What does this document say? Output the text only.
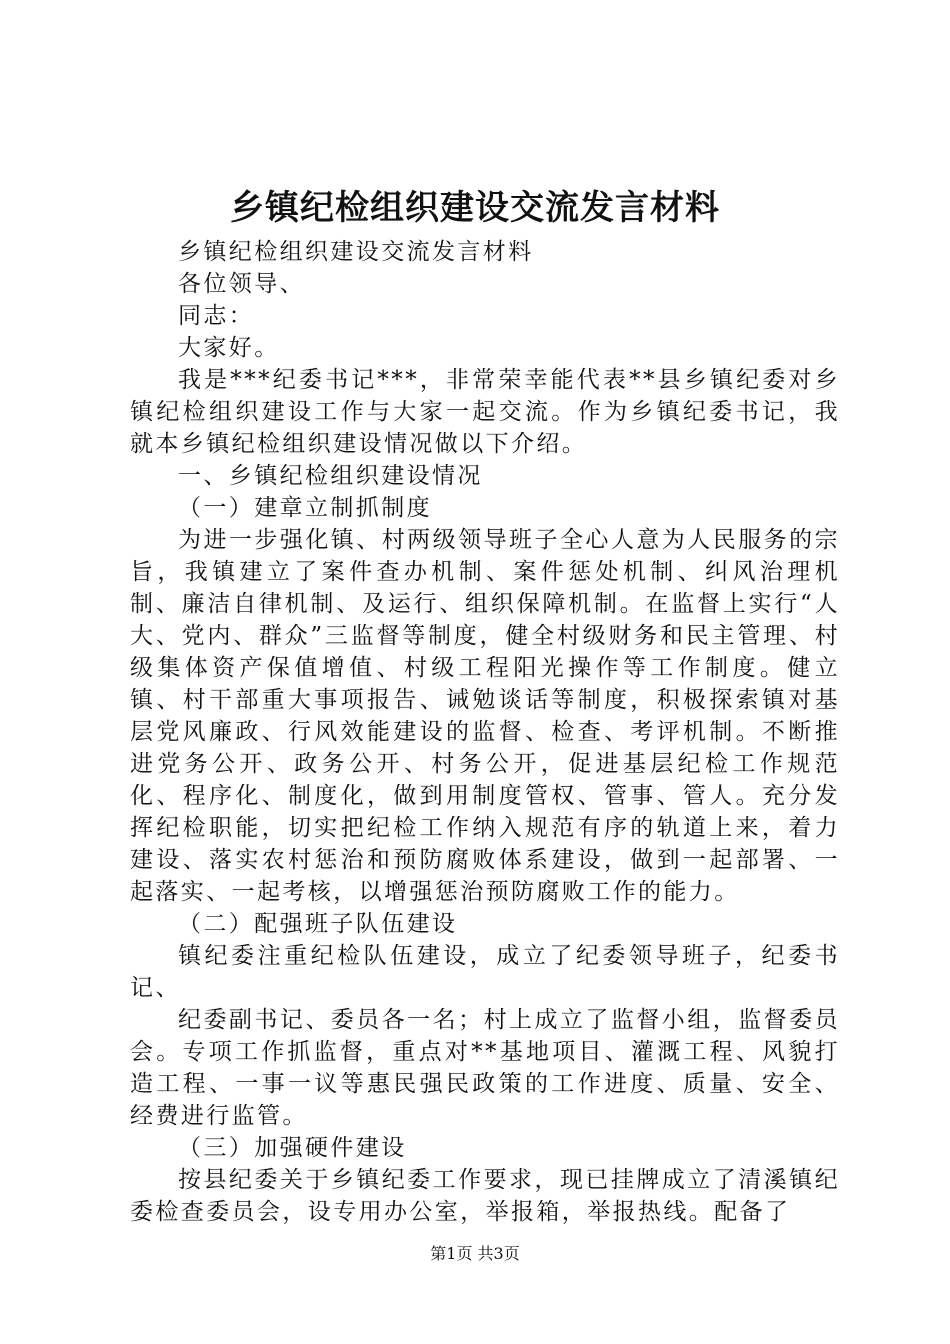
乡镇纪检组织建设交流发言材料

乡镇纪检组织建设交流发言材料

各位领导、

同志：

大家好。

我是***纪委书记***，非常荣幸能代表**县乡镇纪委对乡镇纪检组织建设工作与大家一起交流。作为乡镇纪委书记，我就本乡镇纪检组织建设情况做以下介绍。

一、乡镇纪检组织建设情况

（一）建章立制抓制度

为进一步强化镇、村两级领导班子全心人意为人民服务的宗旨，我镇建立了案件查办机制、案件惩处机制、纠风治理机制、廉洁自律机制、及运行、组织保障机制。在监督上实行“人大、党内、群众”三监督等制度，健全村级财务和民主管理、村级集体资产保值增值、村级工程阳光操作等工作制度。健立镇、村干部重大事项报告、诫勉谈话等制度，积极探索镇对基层党风廉政、行风效能建设的监督、检查、考评机制。不断推进党务公开、政务公开、村务公开，促进基层纪检工作规范化、程序化、制度化，做到用制度管权、管事、管人。充分发挥纪检职能，切实把纪检工作纳入规范有序的轨道上来，着力建设、落实农村惩治和预防腐败体系建设，做到一起部署、一起落实、一起考核，以增强惩治预防腐败工作的能力。

（二）配强班子队伍建设

镇纪委注重纪检队伍建设，成立了纪委领导班子，纪委书记、

纪委副书记、委员各一名；村上成立了监督小组，监督委员会。专项工作抓监督，重点对**基地项目、灌溉工程、风貌打造工程、一事一议等惠民强民政策的工作进度、质量、安全、经费进行监管。

（三）加强硬件建设

按县纪委关于乡镇纪委工作要求，现已挂牌成立了清溪镇纪委检查委员会，设专用办公室，举报箱，举报热线。配备了

第1页 共3页
